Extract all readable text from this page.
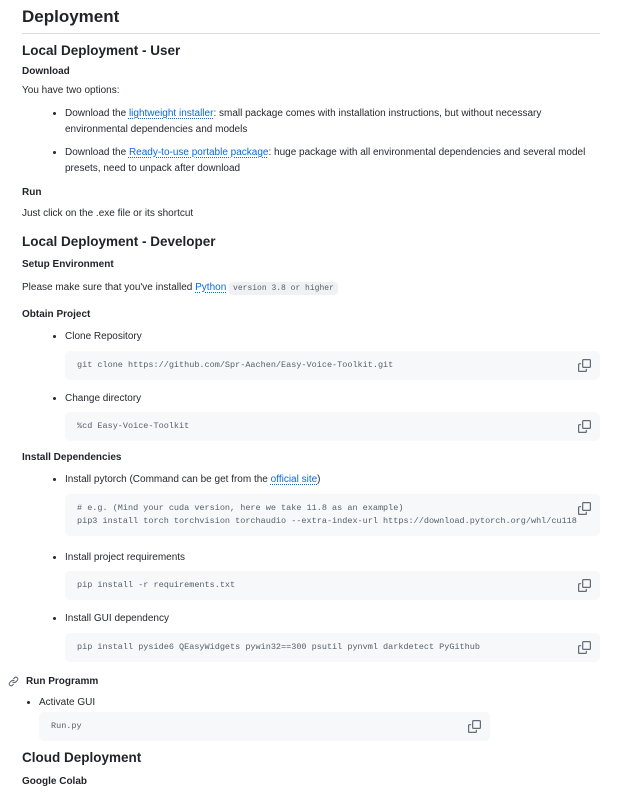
Deployment
Local Deployment - User
Download

You have two options:

• Download the lightweight installer: small package comes with installation instructions, but without necessary environmental dependencies and models
• Download the Ready-to-use portable package: huge package with all environmental dependencies and several model presets, need to unpack after download
Run

Just click on the .exe file or its shortcut

Local Deployment - Developer
Setup Environment

Please make sure that you've installed Python version 3.8 or higher

Obtain Project
• Clone Repository
git clone https://github.com/Spr-Aachen/Easy-Voice-Toolkit.git
• Change directory
%cd Easy-Voice-Toolkit
Install Dependencies
• Install pytorch (Command can be get from the official site)
# e.g. (Mind your cuda version, here we take 11.8 as an example)
pip3 install torch torchvision torchaudio --extra-index-url https://download.pytorch.org/whl/cu118
• Install project requirements
pip install -r requirements.txt
• Install GUI dependency
pip install pyside6 QEasyWidgets pywin32==300 psutil pynvml darkdetect PyGithub
Run Programm
• Activate GUI
Run.py
Cloud Deployment
Google Colab
